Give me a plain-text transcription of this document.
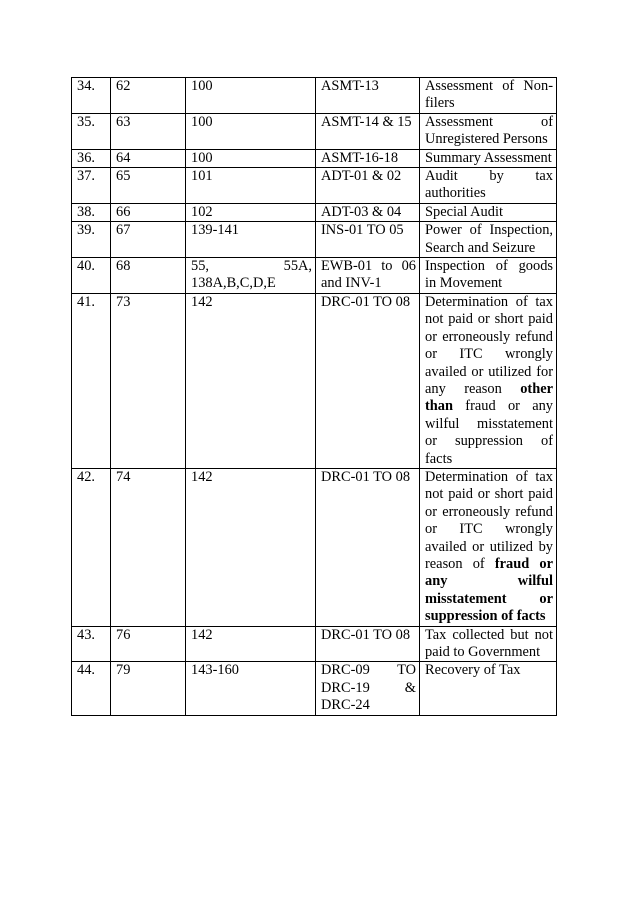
34.	62	100	ASMT-13	Assessment of Non-filers
35.	63	100	ASMT-14 & 15	Assessment of Unregistered Persons
36.	64	100	ASMT-16-18	Summary Assessment
37.	65	101	ADT-01 & 02	Audit by tax authorities
38.	66	102	ADT-03 & 04	Special Audit
39.	67	139-141	INS-01 TO 05	Power of Inspection, Search and Seizure
40.	68	55, 55A, 138A,B,C,D,E	EWB-01 to 06 and INV-1	Inspection of goods in Movement
41.	73	142	DRC-01 TO 08	Determination of tax not paid or short paid or erroneously refund or ITC wrongly availed or utilized for any reason other than fraud or any wilful misstatement or suppression of facts
42.	74	142	DRC-01 TO 08	Determination of tax not paid or short paid or erroneously refund or ITC wrongly availed or utilized by reason of fraud or any wilful misstatement or suppression of facts
43.	76	142	DRC-01 TO 08	Tax collected but not paid to Government
44.	79	143-160	DRC-09 TO DRC-19 & DRC-24	Recovery of Tax
